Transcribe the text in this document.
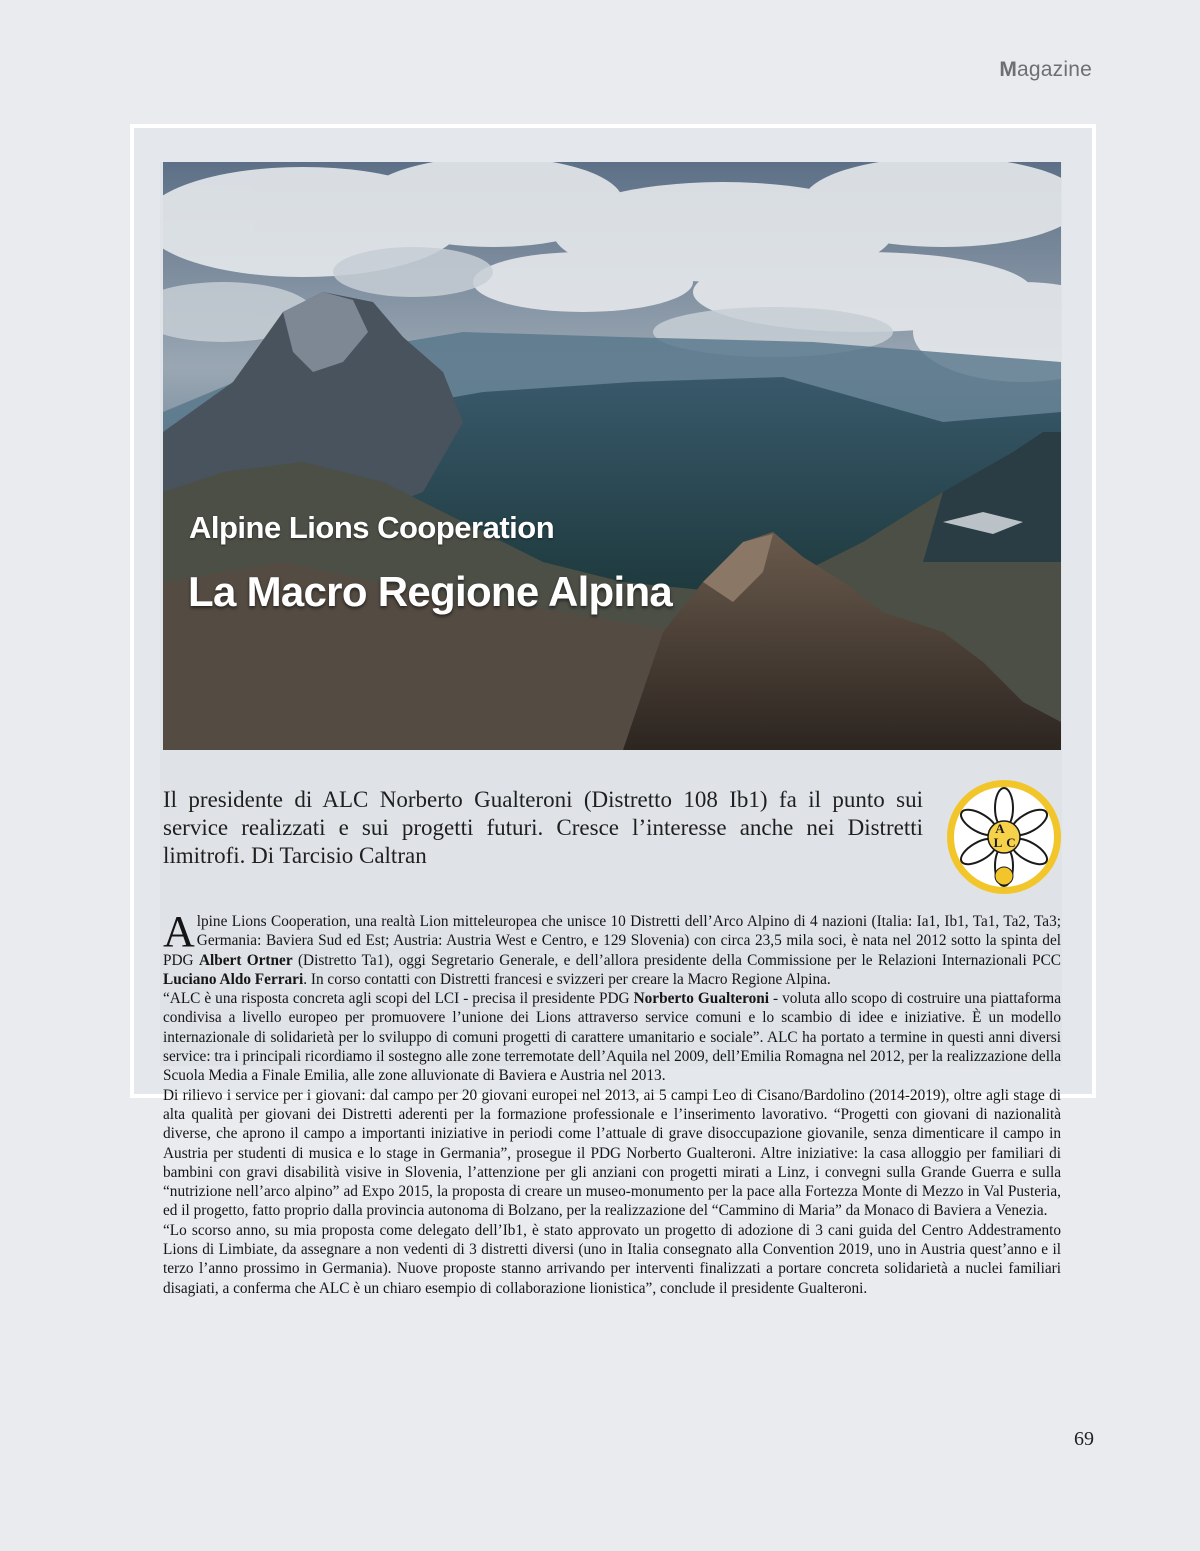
Magazine
Alpine Lions Cooperation
La Macro Regione Alpina
Il presidente di ALC Norberto Gualteroni (Distretto 108 Ib1) fa il punto sui service realizzati e sui progetti futuri. Cresce l’interesse anche nei Distretti limitrofi. Di Tarcisio Caltran
A
L C

Alpine Lions Cooperation, una realtà Lion mitteleuropea che unisce 10 Distretti dell’Arco Alpino di 4 nazioni (Italia: Ia1, Ib1, Ta1, Ta2, Ta3; Germania: Baviera Sud ed Est; Austria: Austria West e Centro, e 129 Slovenia) con circa 23,5 mila soci, è nata nel 2012 sotto la spinta del PDG Albert Ortner (Distretto Ta1), oggi Segretario Generale, e dell’allora presidente della Commissione per le Relazioni Internazionali PCC Luciano Aldo Ferrari. In corso contatti con Distretti francesi e svizzeri per creare la Macro Regione Alpina.

“ALC è una risposta concreta agli scopi del LCI - precisa il presidente PDG Norberto Gualteroni - voluta allo scopo di costruire una piattaforma condivisa a livello europeo per promuovere l’unione dei Lions attraverso service comuni e lo scambio di idee e iniziative. È un modello internazionale di solidarietà per lo sviluppo di comuni progetti di carattere umanitario e sociale”. ALC ha portato a termine in questi anni diversi service: tra i principali ricordiamo il sostegno alle zone terremotate dell’Aquila nel 2009, dell’Emilia Romagna nel 2012, per la realizzazione della Scuola Media a Finale Emilia, alle zone alluvionate di Baviera e Austria nel 2013.

Di rilievo i service per i giovani: dal campo per 20 giovani europei nel 2013, ai 5 campi Leo di Cisano/Bardolino (2014-2019), oltre agli stage di alta qualità per giovani dei Distretti aderenti per la formazione professionale e l’inserimento lavorativo. “Progetti con giovani di nazionalità diverse, che aprono il campo a importanti iniziative in periodi come l’attuale di grave disoccupazione giovanile, senza dimenticare il campo in Austria per studenti di musica e lo stage in Germania”, prosegue il PDG Norberto Gualteroni. Altre iniziative: la casa alloggio per familiari di bambini con gravi disabilità visive in Slovenia, l’attenzione per gli anziani con progetti mirati a Linz, i convegni sulla Grande Guerra e sulla “nutrizione nell’arco alpino” ad Expo 2015, la proposta di creare un museo-monumento per la pace alla Fortezza Monte di Mezzo in Val Pusteria, ed il progetto, fatto proprio dalla provincia autonoma di Bolzano, per la realizzazione del “Cammino di Maria” da Monaco di Baviera a Venezia.

“Lo scorso anno, su mia proposta come delegato dell’Ib1, è stato approvato un progetto di adozione di 3 cani guida del Centro Addestramento Lions di Limbiate, da assegnare a non vedenti di 3 distretti diversi (uno in Italia consegnato alla Convention 2019, uno in Austria quest’anno e il terzo l’anno prossimo in Germania). Nuove proposte stanno arrivando per interventi finalizzati a portare concreta solidarietà a nuclei familiari disagiati, a conferma che ALC è un chiaro esempio di collaborazione lionistica”, conclude il presidente Gualteroni.

69
